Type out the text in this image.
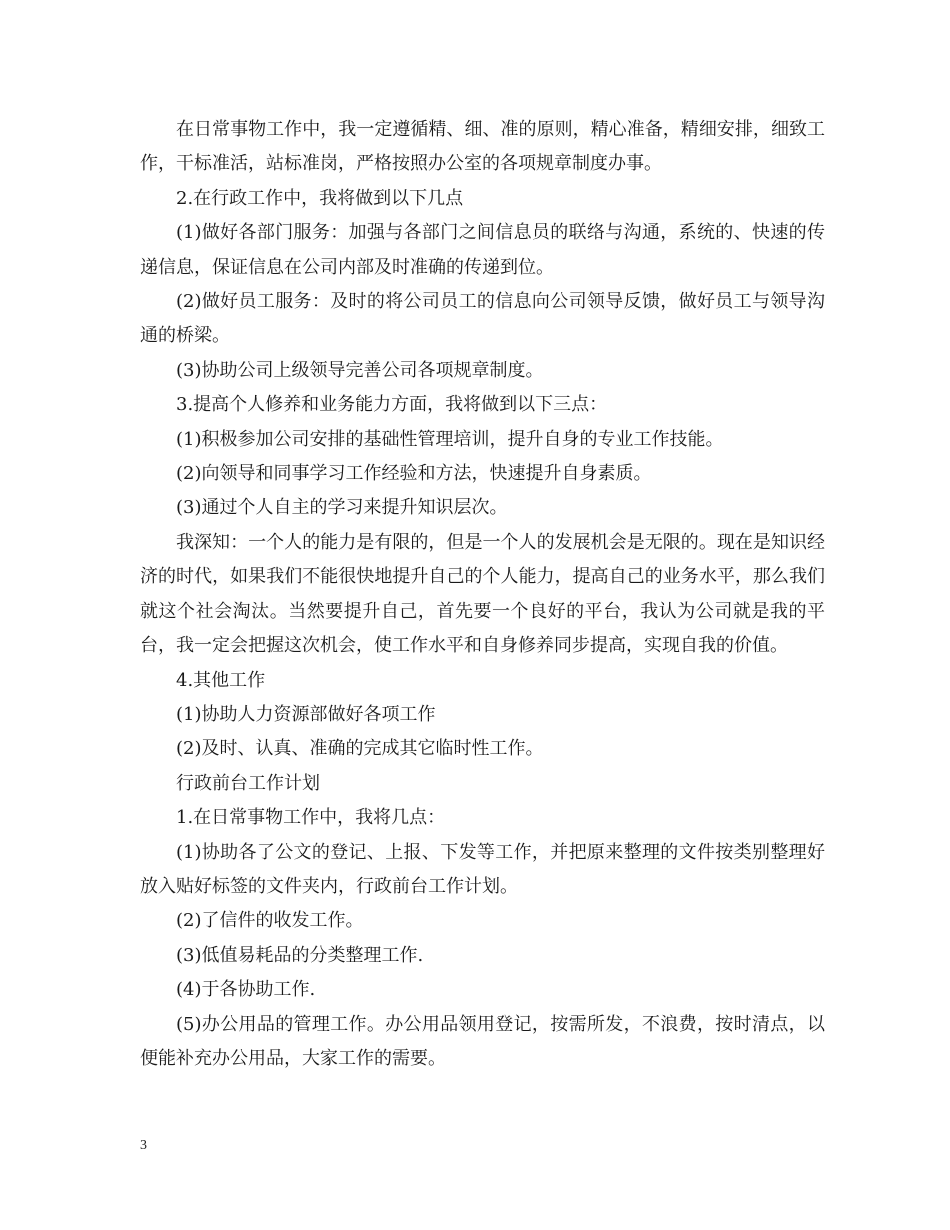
在日常事物工作中，我一定遵循精、细、准的原则，精心准备，精细安排，细致工作，干标准活，站标准岗，严格按照办公室的各项规章制度办事。

2.在行政工作中，我将做到以下几点

(1)做好各部门服务：加强与各部门之间信息员的联络与沟通，系统的、快速的传递信息，保证信息在公司内部及时准确的传递到位。

(2)做好员工服务：及时的将公司员工的信息向公司领导反馈，做好员工与领导沟通的桥梁。

(3)协助公司上级领导完善公司各项规章制度。

3.提高个人修养和业务能力方面，我将做到以下三点：

(1)积极参加公司安排的基础性管理培训，提升自身的专业工作技能。

(2)向领导和同事学习工作经验和方法，快速提升自身素质。

(3)通过个人自主的学习来提升知识层次。

我深知：一个人的能力是有限的，但是一个人的发展机会是无限的。现在是知识经济的时代，如果我们不能很快地提升自己的个人能力，提高自己的业务水平，那么我们就这个社会淘汰。当然要提升自己，首先要一个良好的平台，我认为公司就是我的平台，我一定会把握这次机会，使工作水平和自身修养同步提高，实现自我的价值。

4.其他工作

(1)协助人力资源部做好各项工作

(2)及时、认真、准确的完成其它临时性工作。

行政前台工作计划

1.在日常事物工作中，我将几点：

(1)协助各了公文的登记、上报、下发等工作，并把原来整理的文件按类别整理好放入贴好标签的文件夹内，行政前台工作计划。

(2)了信件的收发工作。

(3)低值易耗品的分类整理工作.

(4)于各协助工作.

(5)办公用品的管理工作。办公用品领用登记，按需所发，不浪费，按时清点，以便能补充办公用品，大家工作的需要。

3
